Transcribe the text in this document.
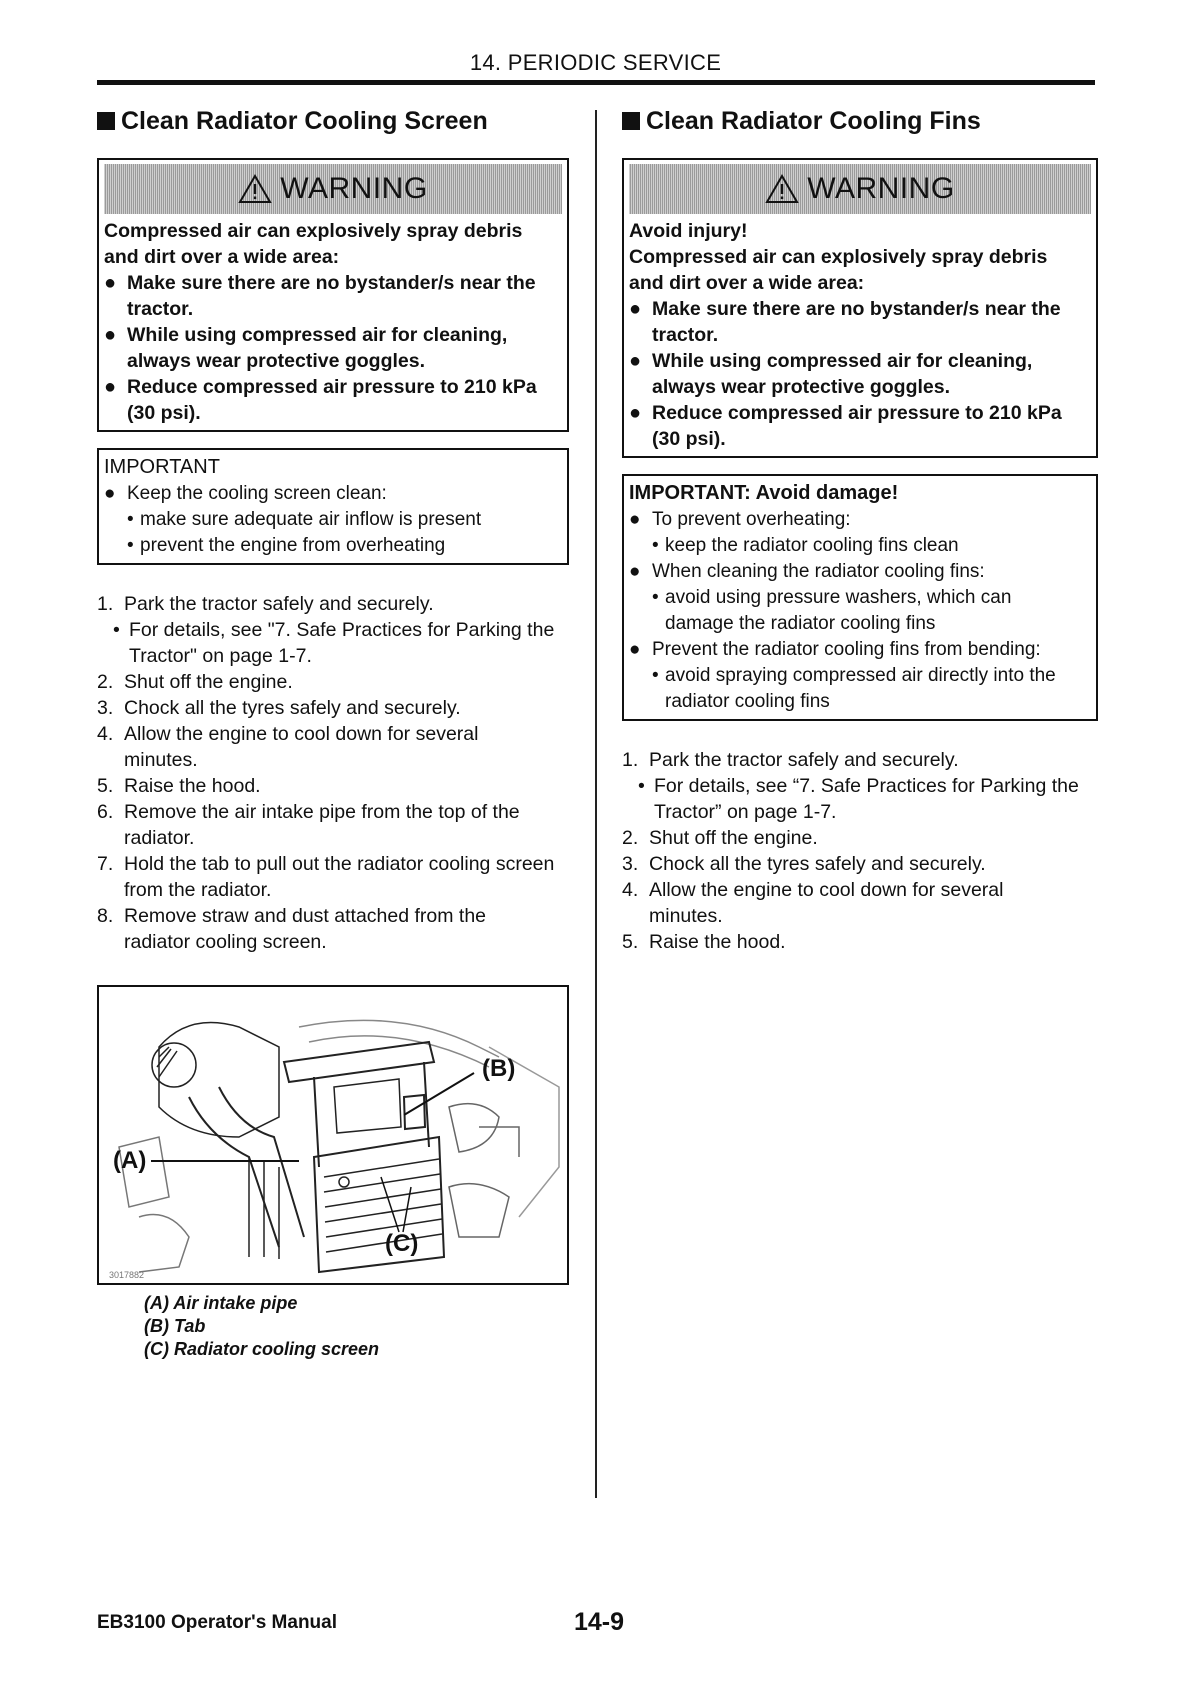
14. PERIODIC SERVICE
Clean Radiator Cooling Screen
WARNING
Compressed air can explosively spray debris
and dirt over a wide area:
● Make sure there are no bystander/s near the
tractor.
● While using compressed air for cleaning,
always wear protective goggles.
● Reduce compressed air pressure to 210 kPa
(30 psi).
IMPORTANT
● Keep the cooling screen clean:
• make sure adequate air inflow is present
• prevent the engine from overheating
1. Park the tractor safely and securely.
• For details, see "7. Safe Practices for Parking the
Tractor" on page 1-7.
2. Shut off the engine.
3. Chock all the tyres safely and securely.
4. Allow the engine to cool down for several
minutes.
5. Raise the hood.
6. Remove the air intake pipe from the top of the
radiator.
7. Hold the tab to pull out the radiator cooling screen
from the radiator.
8. Remove straw and dust attached from the
radiator cooling screen.
(A)
(B)
(C)
3017882
(A) Air intake pipe
(B) Tab
(C) Radiator cooling screen
Clean Radiator Cooling Fins
WARNING
Avoid injury!
Compressed air can explosively spray debris
and dirt over a wide area:
● Make sure there are no bystander/s near the
tractor.
● While using compressed air for cleaning,
always wear protective goggles.
● Reduce compressed air pressure to 210 kPa
(30 psi).
IMPORTANT: Avoid damage!
● To prevent overheating:
• keep the radiator cooling fins clean
● When cleaning the radiator cooling fins:
• avoid using pressure washers, which can
damage the radiator cooling fins
● Prevent the radiator cooling fins from bending:
• avoid spraying compressed air directly into the
radiator cooling fins
1. Park the tractor safely and securely.
• For details, see “7. Safe Practices for Parking the
Tractor” on page 1-7.
2. Shut off the engine.
3. Chock all the tyres safely and securely.
4. Allow the engine to cool down for several
minutes.
5. Raise the hood.
EB3100 Operator's Manual	14-9
